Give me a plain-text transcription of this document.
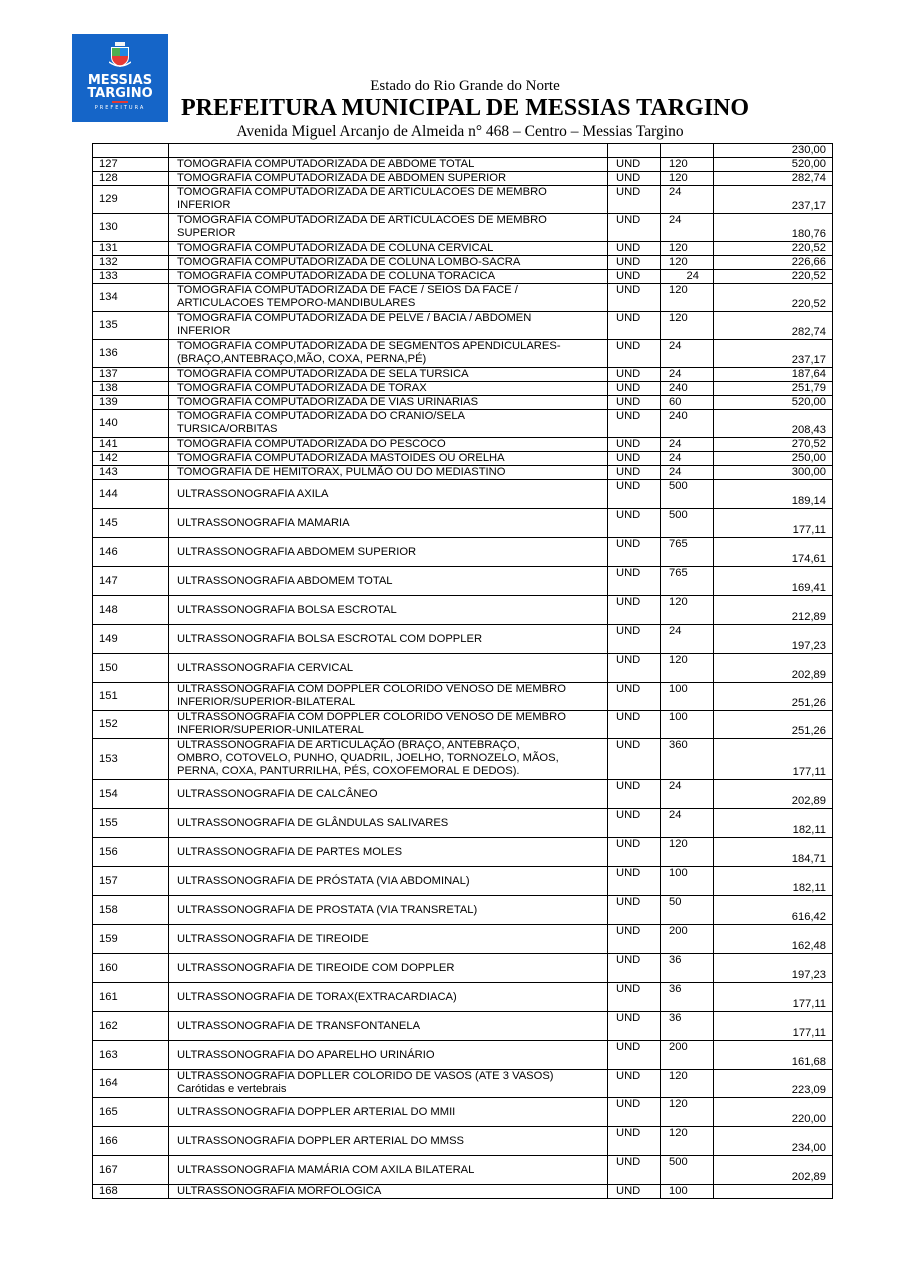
MESSIAS
TARGINO
PREFEITURA
Estado do Rio Grande do Norte
PREFEITURA MUNICIPAL DE MESSIAS TARGINO
Avenida Miguel Arcanjo de Almeida n° 468 – Centro – Messias Targino
				230,00
127	TOMOGRAFIA COMPUTADORIZADA DE ABDOME TOTAL	UND	120	520,00
128	TOMOGRAFIA COMPUTADORIZADA DE ABDOMEN SUPERIOR	UND	120	282,74
129	TOMOGRAFIA COMPUTADORIZADA DE ARTICULACOES DE MEMBRO
INFERIOR	UND	24	237,17
130	TOMOGRAFIA COMPUTADORIZADA DE ARTICULACOES DE MEMBRO
SUPERIOR	UND	24	180,76
131	TOMOGRAFIA COMPUTADORIZADA DE COLUNA CERVICAL	UND	120	220,52
132	TOMOGRAFIA COMPUTADORIZADA DE COLUNA LOMBO-SACRA	UND	120	226,66
133	TOMOGRAFIA COMPUTADORIZADA DE COLUNA TORACICA	UND	24	220,52
134	TOMOGRAFIA COMPUTADORIZADA DE FACE / SEIOS DA FACE /
ARTICULACOES TEMPORO-MANDIBULARES	UND	120	220,52
135	TOMOGRAFIA COMPUTADORIZADA DE PELVE / BACIA / ABDOMEN
INFERIOR	UND	120	282,74
136	TOMOGRAFIA COMPUTADORIZADA DE SEGMENTOS APENDICULARES-
(BRAÇO,ANTEBRAÇO,MÃO, COXA, PERNA,PÉ)	UND	24	237,17
137	TOMOGRAFIA COMPUTADORIZADA DE SELA TURSICA	UND	24	187,64
138	TOMOGRAFIA COMPUTADORIZADA DE TORAX	UND	240	251,79
139	TOMOGRAFIA COMPUTADORIZADA DE VIAS URINARIAS	UND	60	520,00
140	TOMOGRAFIA COMPUTADORIZADA DO CRANIO/SELA
TURSICA/ORBITAS	UND	240	208,43
141	TOMOGRAFIA COMPUTADORIZADA DO PESCOCO	UND	24	270,52
142	TOMOGRAFIA COMPUTADORIZADA MASTOIDES OU ORELHA	UND	24	250,00
143	TOMOGRAFIA DE HEMITORAX, PULMÃO OU DO MEDIASTINO	UND	24	300,00
144	ULTRASSONOGRAFIA AXILA	UND	500	189,14
145	ULTRASSONOGRAFIA MAMARIA	UND	500	177,11
146	ULTRASSONOGRAFIA ABDOMEM SUPERIOR	UND	765	174,61
147	ULTRASSONOGRAFIA ABDOMEM TOTAL	UND	765	169,41
148	ULTRASSONOGRAFIA BOLSA ESCROTAL	UND	120	212,89
149	ULTRASSONOGRAFIA BOLSA ESCROTAL COM DOPPLER	UND	24	197,23
150	ULTRASSONOGRAFIA CERVICAL	UND	120	202,89
151	ULTRASSONOGRAFIA COM DOPPLER COLORIDO VENOSO DE MEMBRO
INFERIOR/SUPERIOR-BILATERAL	UND	100	251,26
152	ULTRASSONOGRAFIA COM DOPPLER COLORIDO VENOSO DE MEMBRO
INFERIOR/SUPERIOR-UNILATERAL	UND	100	251,26
153	ULTRASSONOGRAFIA DE ARTICULAÇÃO (BRAÇO, ANTEBRAÇO,
OMBRO, COTOVELO, PUNHO, QUADRIL, JOELHO, TORNOZELO, MÃOS,
PERNA, COXA, PANTURRILHA, PÉS, COXOFEMORAL E DEDOS).	UND	360	177,11
154	ULTRASSONOGRAFIA DE CALCÂNEO	UND	24	202,89
155	ULTRASSONOGRAFIA DE GLÂNDULAS SALIVARES	UND	24	182,11
156	ULTRASSONOGRAFIA DE PARTES MOLES	UND	120	184,71
157	ULTRASSONOGRAFIA DE PRÓSTATA (VIA ABDOMINAL)	UND	100	182,11
158	ULTRASSONOGRAFIA DE PROSTATA (VIA TRANSRETAL)	UND	50	616,42
159	ULTRASSONOGRAFIA DE TIREOIDE	UND	200	162,48
160	ULTRASSONOGRAFIA DE TIREOIDE COM DOPPLER	UND	36	197,23
161	ULTRASSONOGRAFIA DE TORAX(EXTRACARDIACA)	UND	36	177,11
162	ULTRASSONOGRAFIA DE TRANSFONTANELA	UND	36	177,11
163	ULTRASSONOGRAFIA DO APARELHO URINÁRIO	UND	200	161,68
164	ULTRASSONOGRAFIA DOPLLER COLORIDO DE VASOS (ATE 3 VASOS)
Carótidas e vertebrais	UND	120	223,09
165	ULTRASSONOGRAFIA DOPPLER ARTERIAL DO MMII	UND	120	220,00
166	ULTRASSONOGRAFIA DOPPLER ARTERIAL DO MMSS	UND	120	234,00
167	ULTRASSONOGRAFIA MAMÁRIA COM AXILA BILATERAL	UND	500	202,89
168	ULTRASSONOGRAFIA MORFOLOGICA	UND	100	
